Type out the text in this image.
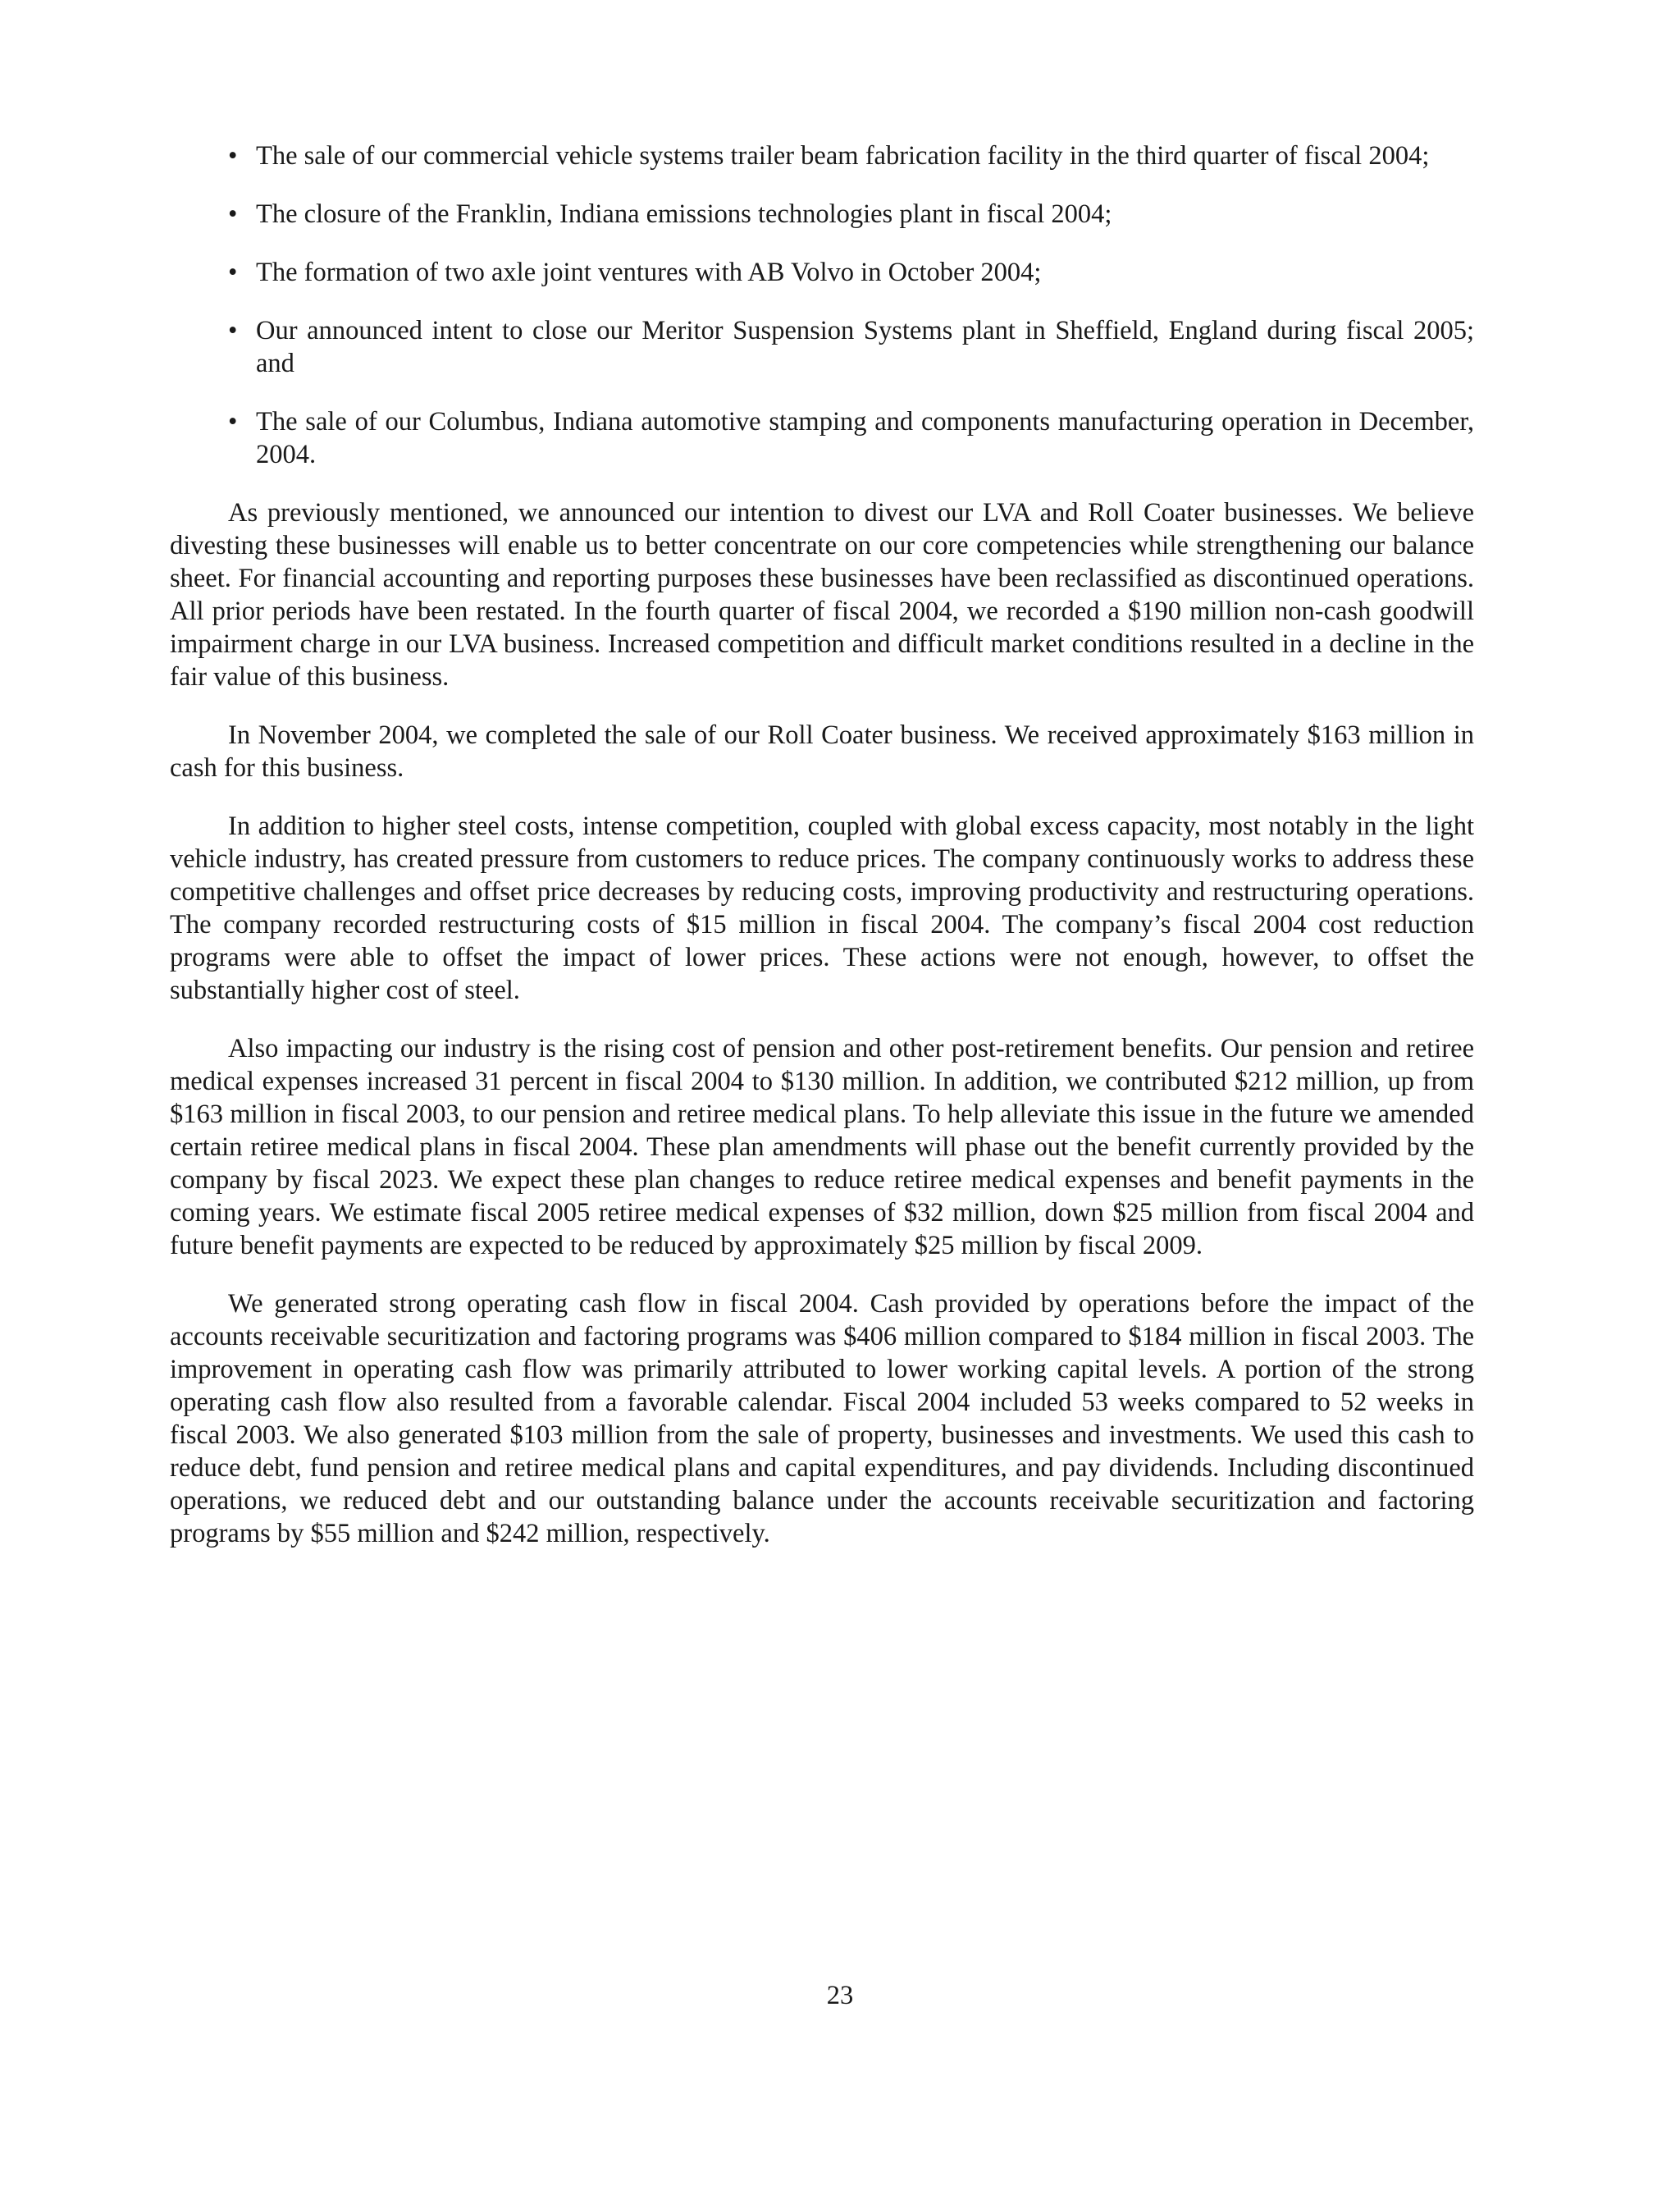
• The sale of our commercial vehicle systems trailer beam fabrication facility in the third quarter of fiscal 2004;
• The closure of the Franklin, Indiana emissions technologies plant in fiscal 2004;
• The formation of two axle joint ventures with AB Volvo in October 2004;
• Our announced intent to close our Meritor Suspension Systems plant in Sheffield, England during fiscal 2005; and
• The sale of our Columbus, Indiana automotive stamping and components manufacturing operation in December, 2004.

As previously mentioned, we announced our intention to divest our LVA and Roll Coater businesses. We believe divesting these businesses will enable us to better concentrate on our core competencies while strengthening our balance sheet. For financial accounting and reporting purposes these businesses have been reclassified as discontinued operations. All prior periods have been restated. In the fourth quarter of fiscal 2004, we recorded a $190 million non-cash goodwill impairment charge in our LVA business. Increased competition and difficult market conditions resulted in a decline in the fair value of this business.

In November 2004, we completed the sale of our Roll Coater business. We received approximately $163 million in cash for this business.

In addition to higher steel costs, intense competition, coupled with global excess capacity, most notably in the light vehicle industry, has created pressure from customers to reduce prices. The company continuously works to address these competitive challenges and offset price decreases by reducing costs, improving productivity and restructuring operations. The company recorded restructuring costs of $15 million in fiscal 2004. The company’s fiscal 2004 cost reduction programs were able to offset the impact of lower prices. These actions were not enough, however, to offset the substantially higher cost of steel.

Also impacting our industry is the rising cost of pension and other post-retirement benefits. Our pension and retiree medical expenses increased 31 percent in fiscal 2004 to $130 million. In addition, we contributed $212 million, up from $163 million in fiscal 2003, to our pension and retiree medical plans. To help alleviate this issue in the future we amended certain retiree medical plans in fiscal 2004. These plan amendments will phase out the benefit currently provided by the company by fiscal 2023. We expect these plan changes to reduce retiree medical expenses and benefit payments in the coming years. We estimate fiscal 2005 retiree medical expenses of $32 million, down $25 million from fiscal 2004 and future benefit payments are expected to be reduced by approximately $25 million by fiscal 2009.

We generated strong operating cash flow in fiscal 2004. Cash provided by operations before the impact of the accounts receivable securitization and factoring programs was $406 million compared to $184 million in fiscal 2003. The improvement in operating cash flow was primarily attributed to lower working capital levels. A portion of the strong operating cash flow also resulted from a favorable calendar. Fiscal 2004 included 53 weeks compared to 52 weeks in fiscal 2003. We also generated $103 million from the sale of property, businesses and investments. We used this cash to reduce debt, fund pension and retiree medical plans and capital expenditures, and pay dividends. Including discontinued operations, we reduced debt and our outstanding balance under the accounts receivable securitization and factoring programs by $55 million and $242 million, respectively.

23
